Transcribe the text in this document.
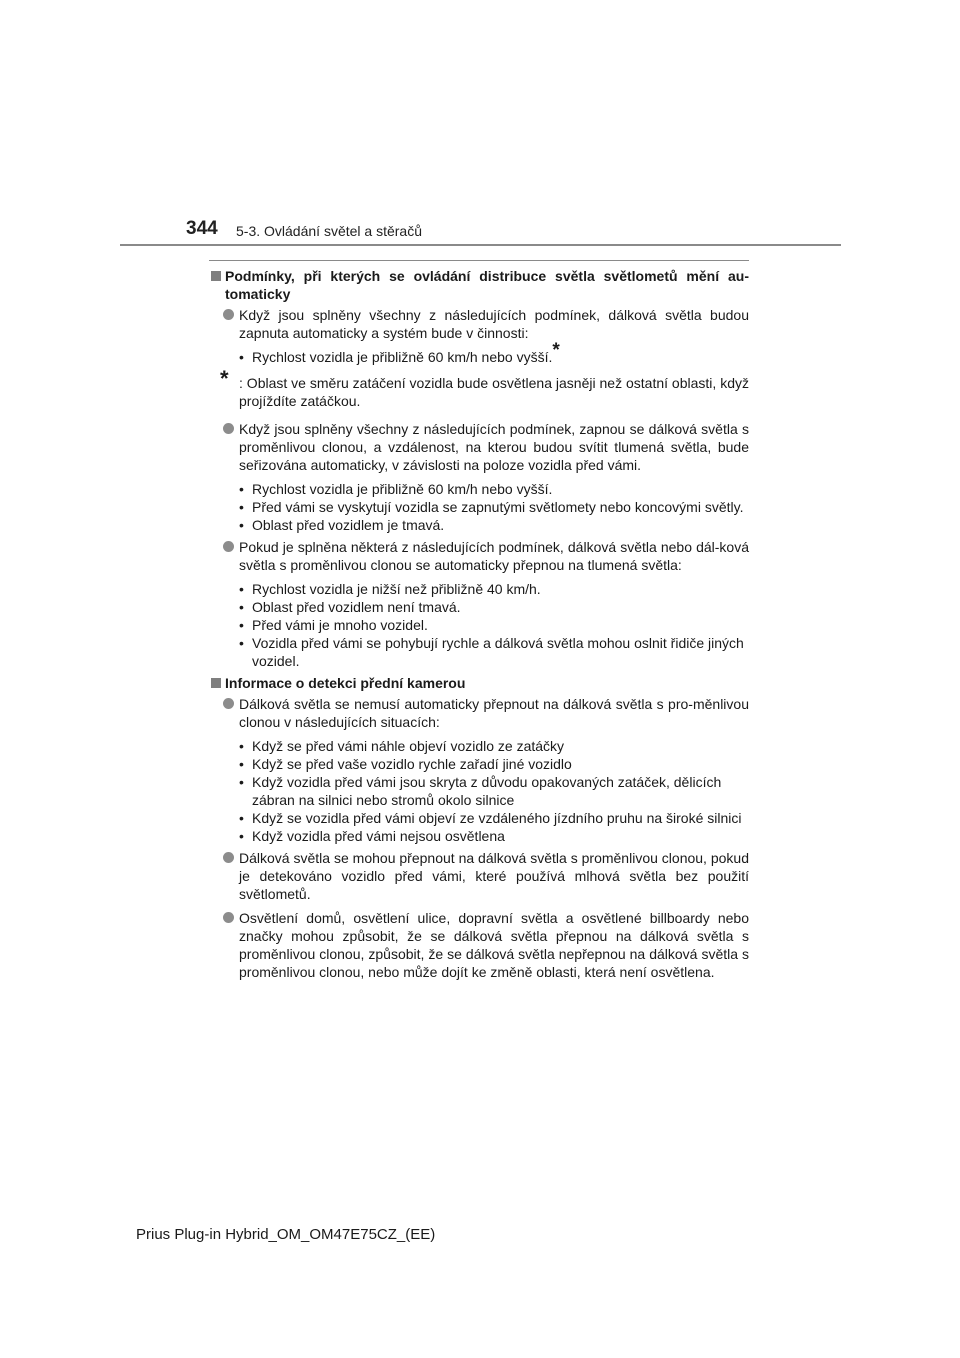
344 5-3. Ovládání světel a stěračů
Podmínky, při kterých se ovládání distribuce světla světlometů mění au-tomaticky
Když jsou splněny všechny z následujících podmínek, dálková světla budou zapnuta automaticky a systém bude v činnosti:
• Rychlost vozidla je přibližně 60 km/h nebo vyšší.*
* : Oblast ve směru zatáčení vozidla bude osvětlena jasněji než ostatní oblasti, když projíždíte zatáčkou.
Když jsou splněny všechny z následujících podmínek, zapnou se dálková světla s proměnlivou clonou, a vzdálenost, na kterou budou svítit tlumená světla, bude seřizována automaticky, v závislosti na poloze vozidla před vámi.
• Rychlost vozidla je přibližně 60 km/h nebo vyšší.
• Před vámi se vyskytují vozidla se zapnutými světlomety nebo koncovými světly.
• Oblast před vozidlem je tmavá.
Pokud je splněna některá z následujících podmínek, dálková světla nebo dál-ková světla s proměnlivou clonou se automaticky přepnou na tlumená světla:
• Rychlost vozidla je nižší než přibližně 40 km/h.
• Oblast před vozidlem není tmavá.
• Před vámi je mnoho vozidel.
• Vozidla před vámi se pohybují rychle a dálková světla mohou oslnit řidiče jiných vozidel.
Informace o detekci přední kamerou
Dálková světla se nemusí automaticky přepnout na dálková světla s pro-měnlivou clonou v následujících situacích:
• Když se před vámi náhle objeví vozidlo ze zatáčky
• Když se před vaše vozidlo rychle zařadí jiné vozidlo
• Když vozidla před vámi jsou skryta z důvodu opakovaných zatáček, dělicích zábran na silnici nebo stromů okolo silnice
• Když se vozidla před vámi objeví ze vzdáleného jízdního pruhu na široké silnici
• Když vozidla před vámi nejsou osvětlena
Dálková světla se mohou přepnout na dálková světla s proměnlivou clonou, pokud je detekováno vozidlo před vámi, které používá mlhová světla bez použití světlometů.
Osvětlení domů, osvětlení ulice, dopravní světla a osvětlené billboardy nebo značky mohou způsobit, že se dálková světla přepnou na dálková světla s proměnlivou clonou, způsobit, že se dálková světla nepřepnou na dálková světla s proměnlivou clonou, nebo může dojít ke změně oblasti, která není osvětlena.
Prius Plug-in Hybrid_OM_OM47E75CZ_(EE)
